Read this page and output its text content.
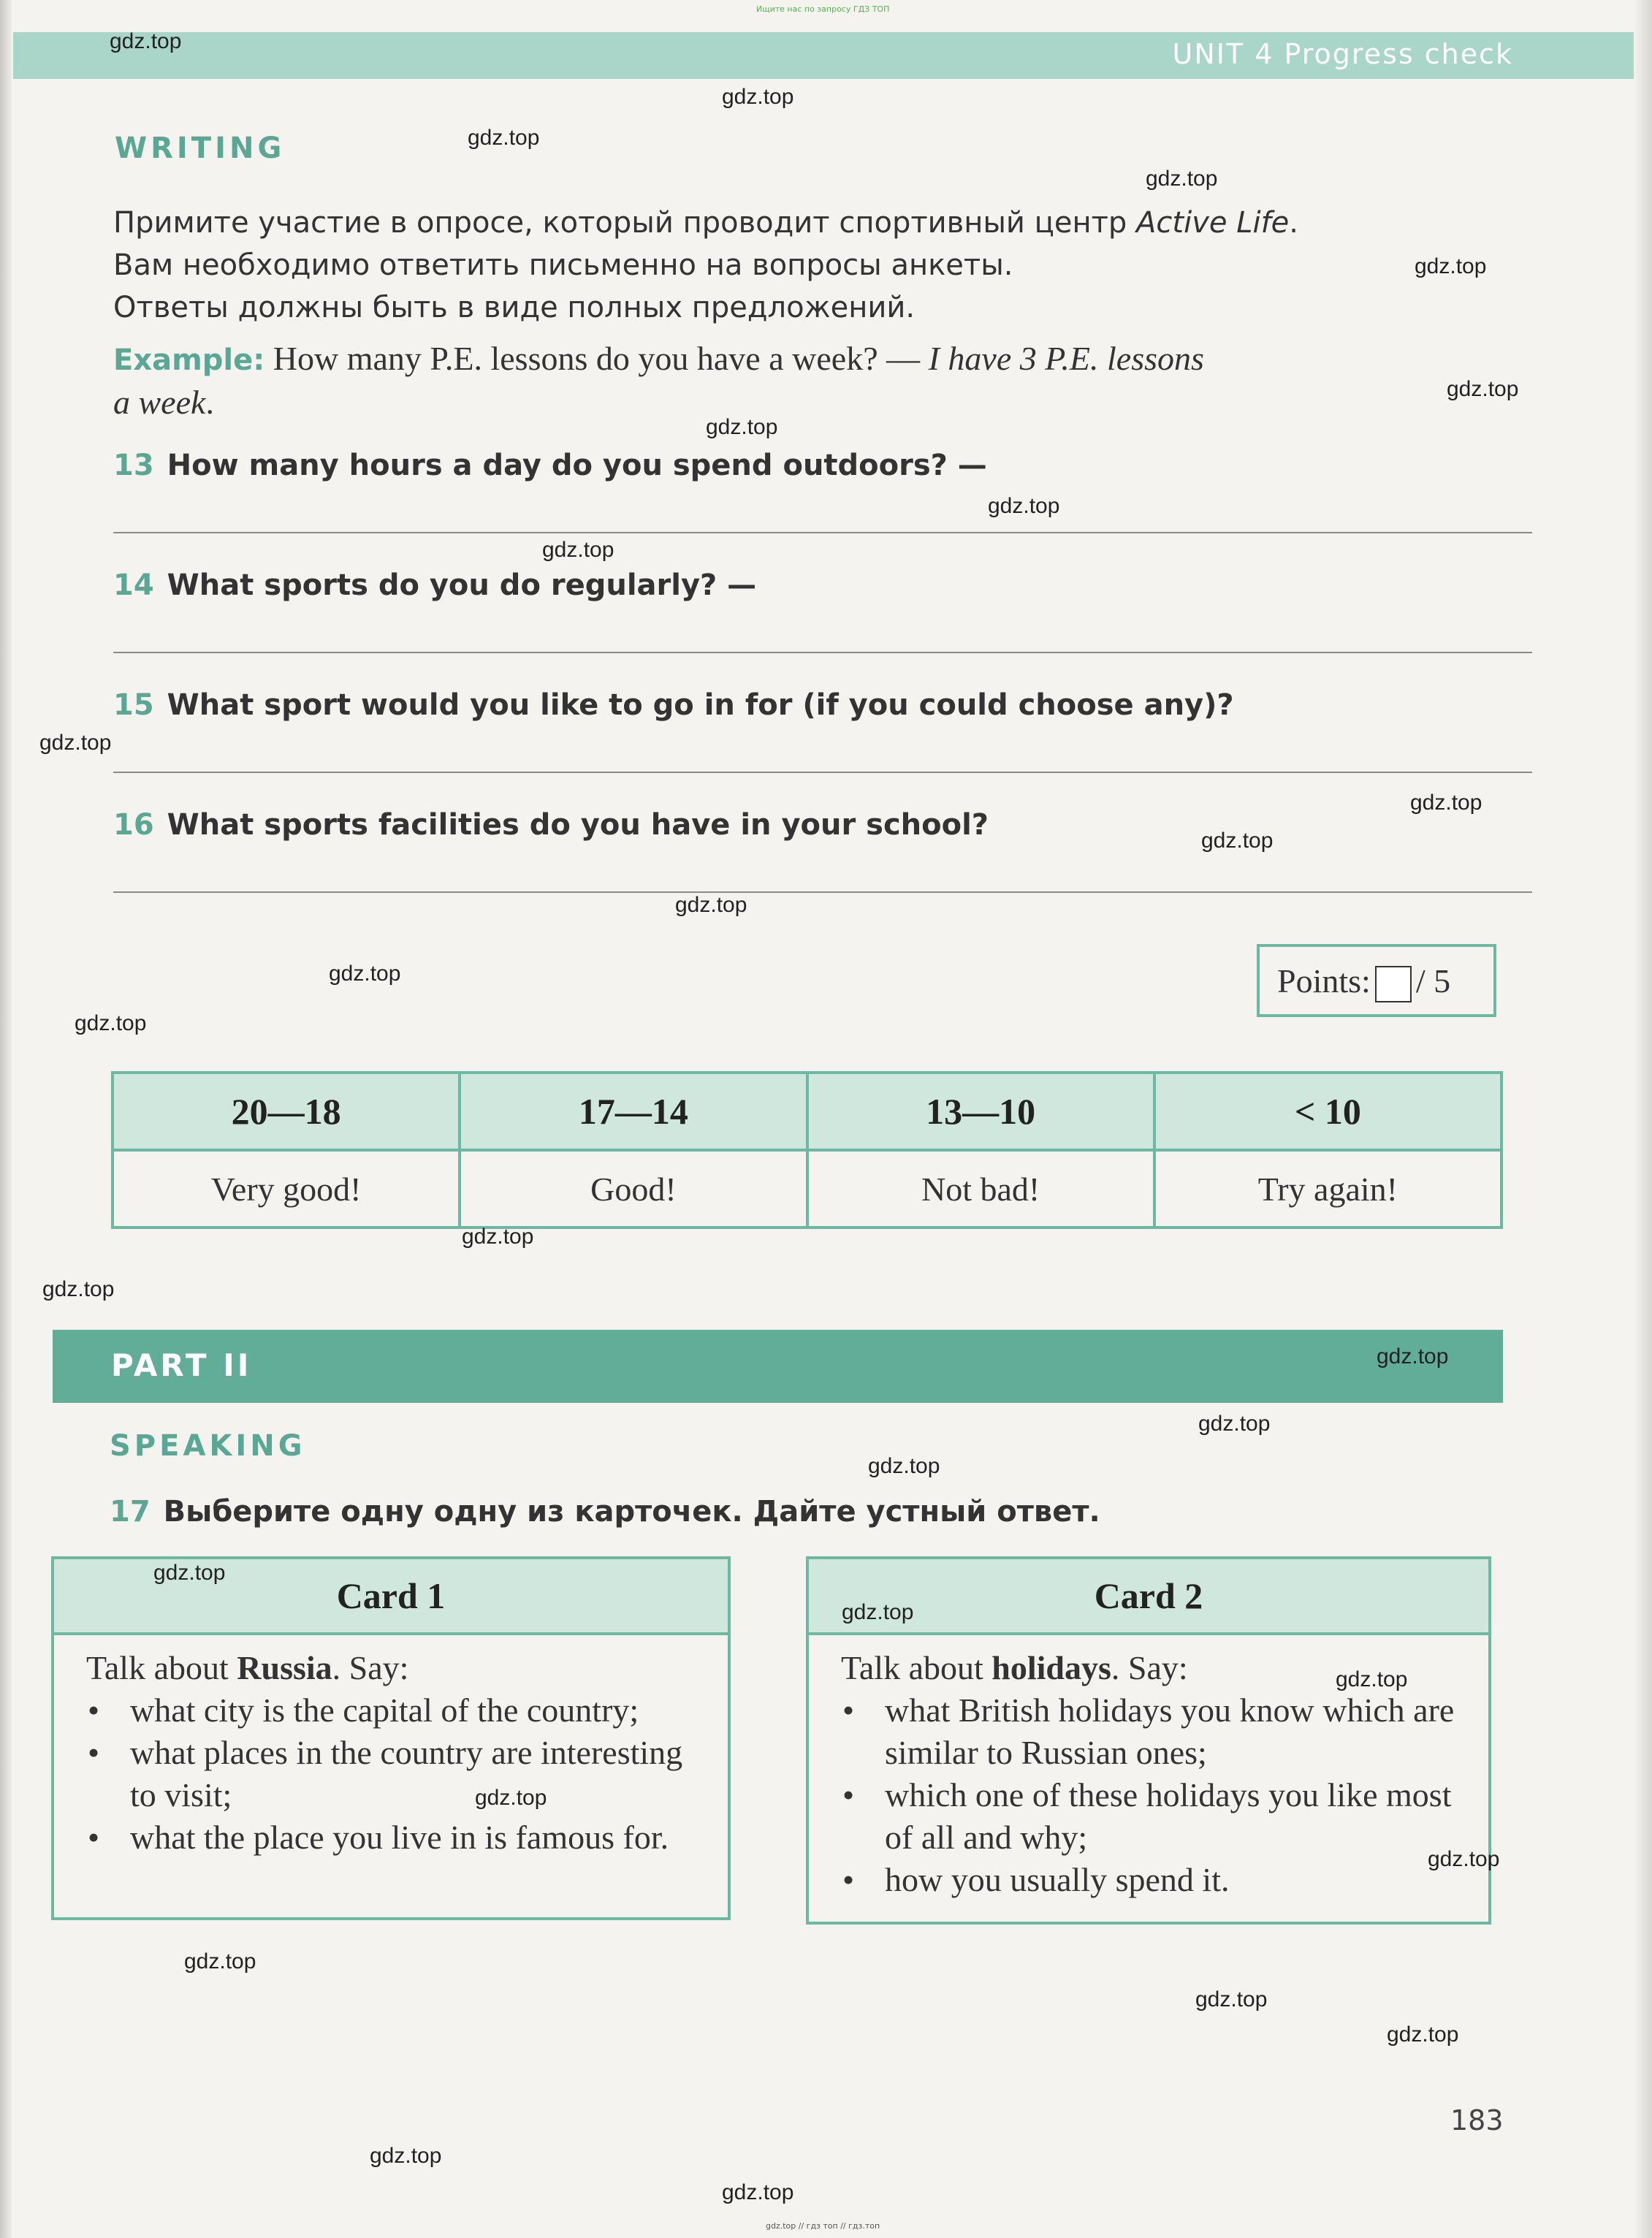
Ищите нас по запросу ГДЗ ТОП
UNIT 4 Progress check
WRITING
Примите участие в опросе, который проводит спортивный центр Active Life.
Вам необходимо ответить письменно на вопросы анкеты.
Ответы должны быть в виде полных предложений.
Example: How many P.E. lessons do you have a week? — I have 3 P.E. lessons
a week.
13 How many hours a day do you spend outdoors? —
14 What sports do you do regularly? —
15 What sport would you like to go in for (if you could choose any)?
16 What sports facilities do you have in your school?
Points: / 5
20—18	17—14	13—10	< 10
Very good!	Good!	Not bad!	Try again!
PART II
SPEAKING
17 Выберите одну одну из карточек. Дайте устный ответ.
Card 1
Talk about Russia. Say:
• what city is the capital of the country;
• what places in the country are interesting to visit;
• what the place you live in is famous for.
Card 2
Talk about holidays. Say:
• what British holidays you know which are similar to Russian ones;
• which one of these holidays you like most of all and why;
• how you usually spend it.
183
gdz.top // гдз топ // гдз.топ
gdz.top
gdz.top
gdz.top
gdz.top
gdz.top
gdz.top
gdz.top
gdz.top
gdz.top
gdz.top
gdz.top
gdz.top
gdz.top
gdz.top
gdz.top
gdz.top
gdz.top
gdz.top
gdz.top
gdz.top
gdz.top
gdz.top
gdz.top
gdz.top
gdz.top
gdz.top
gdz.top
gdz.top
gdz.top
gdz.top
